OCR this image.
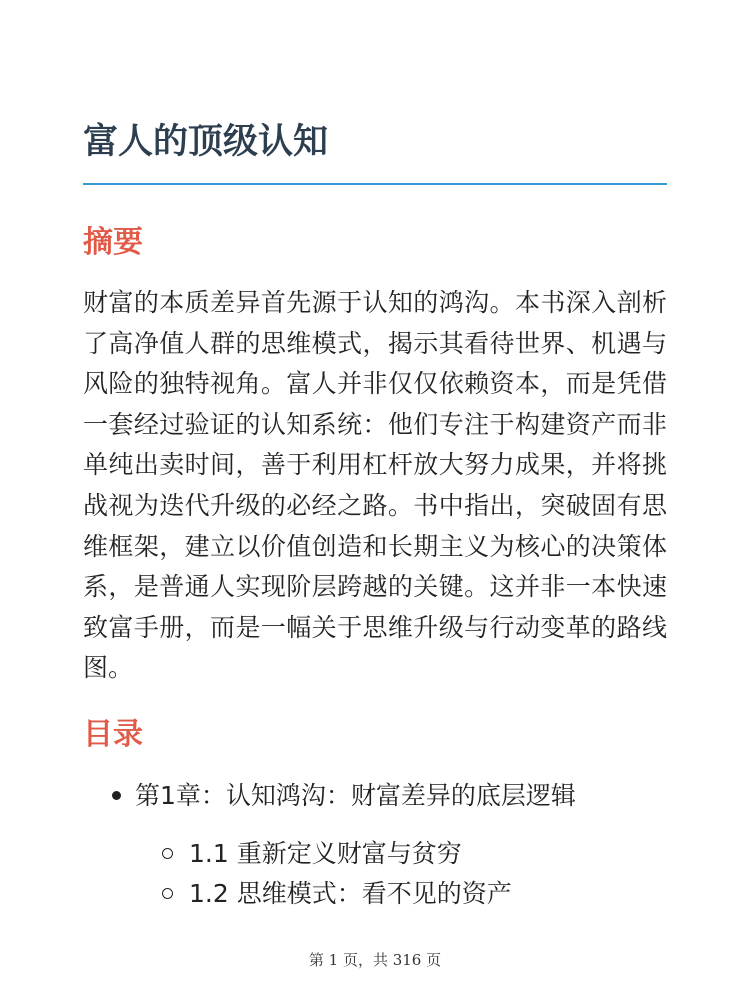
富人的顶级认知
摘要

财富的本质差异首先源于认知的鸿沟。本书深入剖析了高净值人群的思维模式，揭示其看待世界、机遇与风险的独特视角。富人并非仅仅依赖资本，而是凭借一套经过验证的认知系统：他们专注于构建资产而非单纯出卖时间，善于利用杠杆放大努力成果，并将挑战视为迭代升级的必经之路。书中指出，突破固有思维框架，建立以价值创造和长期主义为核心的决策体系，是普通人实现阶层跨越的关键。这并非一本快速致富手册，而是一幅关于思维升级与行动变革的路线图。

目录
第1章：认知鸿沟：财富差异的底层逻辑
1.1 重新定义财富与贫穷
1.2 思维模式：看不见的资产
第 1 页，共 316 页
